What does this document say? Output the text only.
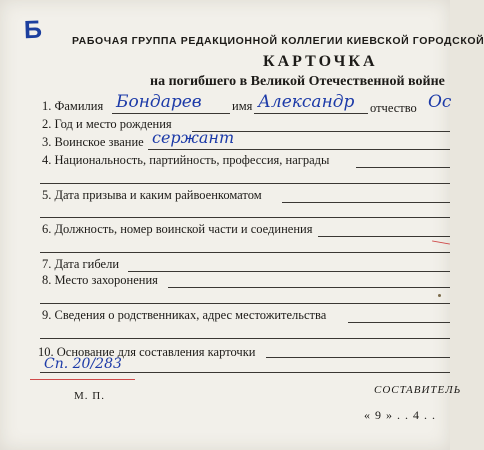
Б	РАБОЧАЯ ГРУППА РЕДАКЦИОННОЙ КОЛЛЕГИИ КИЕВСКОЙ ГОРОДСКОЙ
КАРТОЧКА
на погибшего в Великой Отечественной войне
1. Фамилия Бондарев имя Александр отчество Ос
2. Год и место рождения
3. Воинское звание сержант
4. Национальность, партийность, профессия, награды
5. Дата призыва и каким райвоенкоматом
6. Должность, номер воинской части и соединения
7. Дата гибели
8. Место захоронения
9. Сведения о родственниках, адрес местожительства
10. Основание для составления карточки
Сп. 20/283
М. П.	СОСТАВИТЕЛЬ
« 9 » . . 4 . .
